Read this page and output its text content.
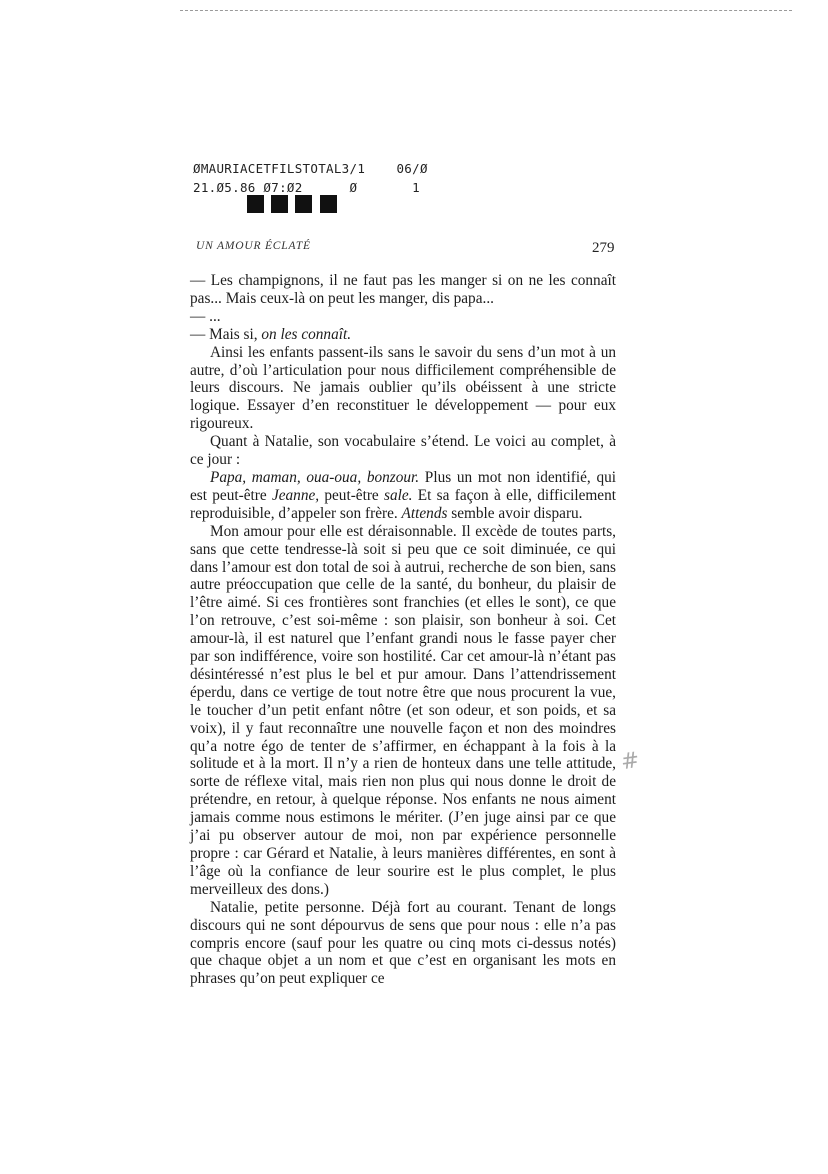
ØMAURIACETFILSTOTAL3/1    06/Ø
21.Ø5.86 Ø7:Ø2      Ø       1
UN AMOUR ÉCLATÉ	279

— Les champignons, il ne faut pas les manger si on ne les connaît pas... Mais ceux-là on peut les manger, dis papa...

— ...

— Mais si, on les connaît.

Ainsi les enfants passent-ils sans le savoir du sens d’un mot à un autre, d’où l’articulation pour nous difficilement compréhensible de leurs discours. Ne jamais oublier qu’ils obéissent à une stricte logique. Essayer d’en reconstituer le développement — pour eux rigoureux.

Quant à Natalie, son vocabulaire s’étend. Le voici au complet, à ce jour :

Papa, maman, oua-oua, bonzour. Plus un mot non identifié, qui est peut-être Jeanne, peut-être sale. Et sa façon à elle, difficilement reproduisible, d’appeler son frère. Attends semble avoir disparu.

Mon amour pour elle est déraisonnable. Il excède de toutes parts, sans que cette tendresse-là soit si peu que ce soit diminuée, ce qui dans l’amour est don total de soi à autrui, recherche de son bien, sans autre préoccupation que celle de la santé, du bonheur, du plaisir de l’être aimé. Si ces frontières sont franchies (et elles le sont), ce que l’on retrouve, c’est soi-même : son plaisir, son bonheur à soi. Cet amour-là, il est naturel que l’enfant grandi nous le fasse payer cher par son indifférence, voire son hostilité. Car cet amour-là n’étant pas désintéressé n’est plus le bel et pur amour. Dans l’attendrissement éperdu, dans ce vertige de tout notre être que nous procurent la vue, le toucher d’un petit enfant nôtre (et son odeur, et son poids, et sa voix), il y faut reconnaître une nouvelle façon et non des moindres qu’a notre égo de tenter de s’affirmer, en échappant à la fois à la solitude et à la mort. Il n’y a rien de honteux dans une telle attitude, sorte de réflexe vital, mais rien non plus qui nous donne le droit de prétendre, en retour, à quelque réponse. Nos enfants ne nous aiment jamais comme nous estimons le mériter. (J’en juge ainsi par ce que j’ai pu observer autour de moi, non par expérience personnelle propre : car Gérard et Natalie, à leurs manières différentes, en sont à l’âge où la confiance de leur sourire est le plus complet, le plus merveilleux des dons.)

Natalie, petite personne. Déjà fort au courant. Tenant de longs discours qui ne sont dépourvus de sens que pour nous : elle n’a pas compris encore (sauf pour les quatre ou cinq mots ci-dessus notés) que chaque objet a un nom et que c’est en organisant les mots en phrases qu’on peut expliquer ce

#
